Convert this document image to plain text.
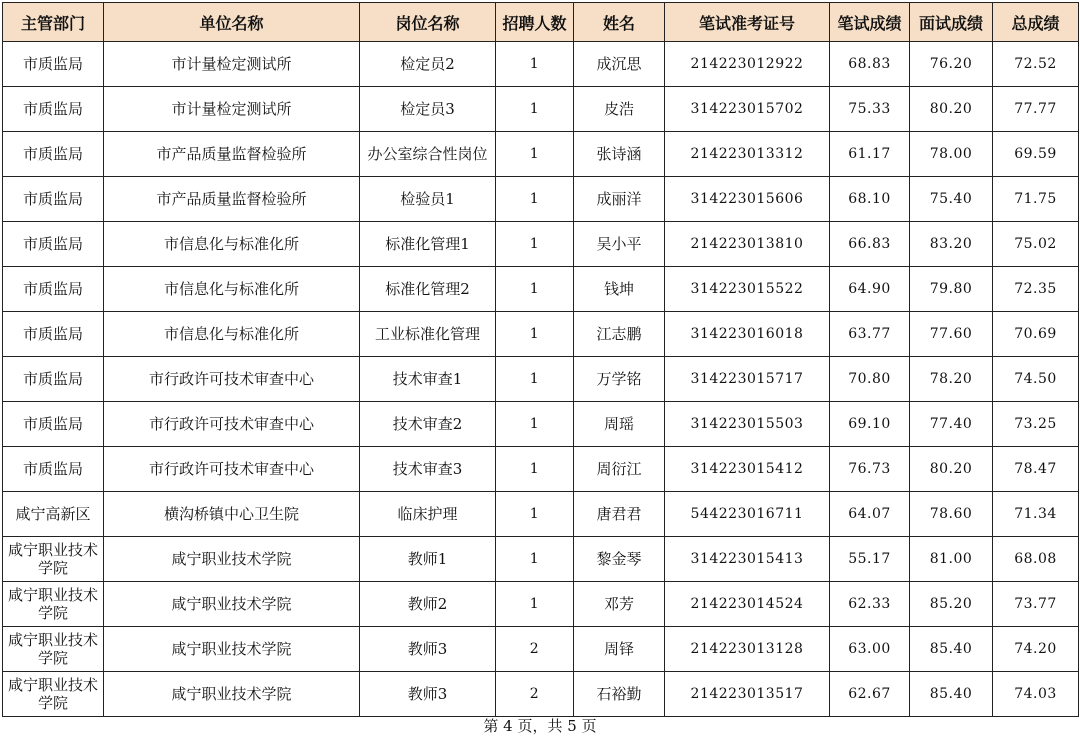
主管部门	单位名称	岗位名称	招聘人数	姓名	笔试准考证号	笔试成绩	面试成绩	总成绩
市质监局	市计量检定测试所	检定员2	1	成沉思	214223012922	68.83	76.20	72.52
市质监局	市计量检定测试所	检定员3	1	皮浩	314223015702	75.33	80.20	77.77
市质监局	市产品质量监督检验所	办公室综合性岗位	1	张诗涵	214223013312	61.17	78.00	69.59
市质监局	市产品质量监督检验所	检验员1	1	成丽洋	314223015606	68.10	75.40	71.75
市质监局	市信息化与标准化所	标准化管理1	1	吴小平	214223013810	66.83	83.20	75.02
市质监局	市信息化与标准化所	标准化管理2	1	钱坤	314223015522	64.90	79.80	72.35
市质监局	市信息化与标准化所	工业标准化管理	1	江志鹏	314223016018	63.77	77.60	70.69
市质监局	市行政许可技术审查中心	技术审查1	1	万学铭	314223015717	70.80	78.20	74.50
市质监局	市行政许可技术审查中心	技术审查2	1	周瑶	314223015503	69.10	77.40	73.25
市质监局	市行政许可技术审查中心	技术审查3	1	周衍江	314223015412	76.73	80.20	78.47
咸宁高新区	横沟桥镇中心卫生院	临床护理	1	唐君君	544223016711	64.07	78.60	71.34
咸宁职业技术学院	咸宁职业技术学院	教师1	1	黎金琴	314223015413	55.17	81.00	68.08
咸宁职业技术学院	咸宁职业技术学院	教师2	1	邓芳	214223014524	62.33	85.20	73.77
咸宁职业技术学院	咸宁职业技术学院	教师3	2	周铎	214223013128	63.00	85.40	74.20
咸宁职业技术学院	咸宁职业技术学院	教师3	2	石裕勤	214223013517	62.67	85.40	74.03
第 4 页，共 5 页
